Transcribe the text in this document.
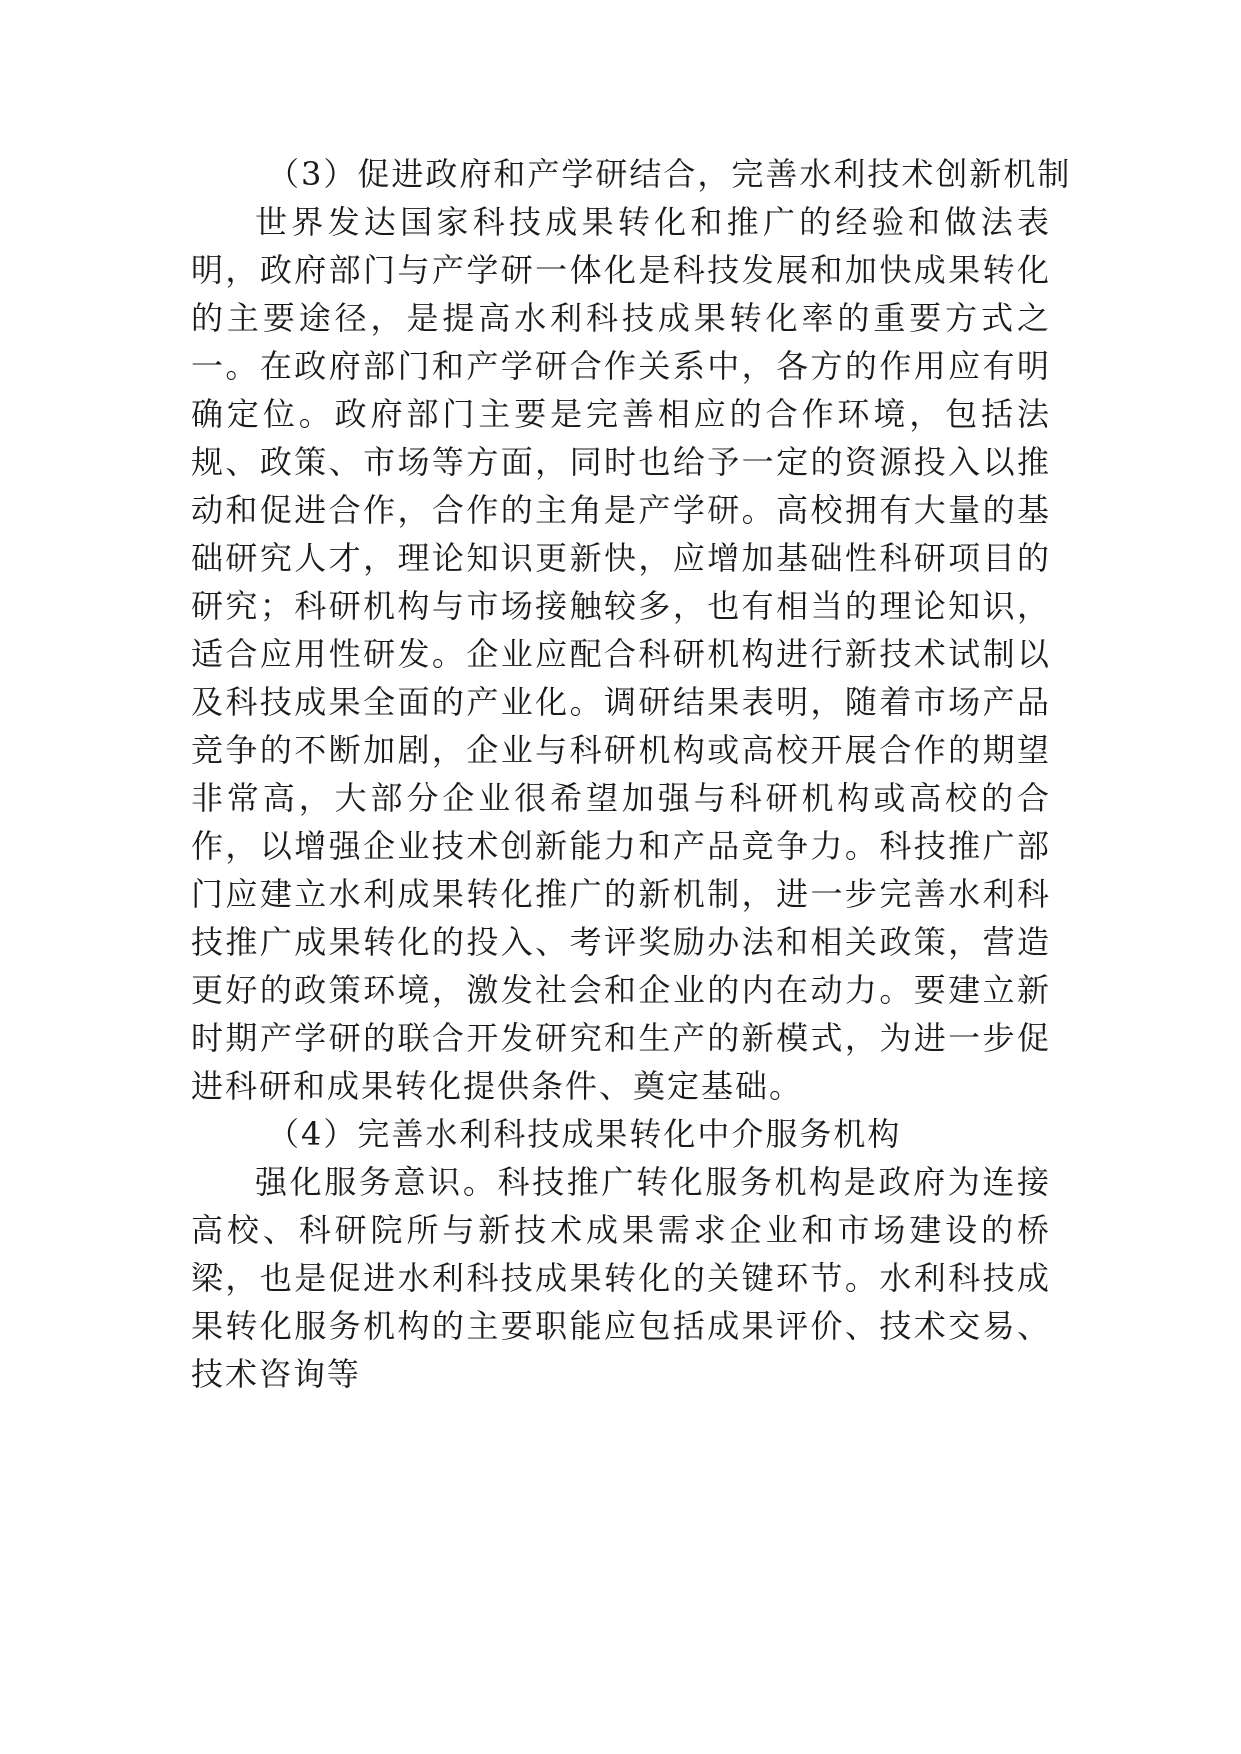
（3）促进政府和产学研结合，完善水利技术创新机制

世界发达国家科技成果转化和推广的经验和做法表明，政府部门与产学研一体化是科技发展和加快成果转化的主要途径，是提高水利科技成果转化率的重要方式之一。在政府部门和产学研合作关系中，各方的作用应有明确定位。政府部门主要是完善相应的合作环境，包括法规、政策、市场等方面，同时也给予一定的资源投入以推动和促进合作，合作的主角是产学研。高校拥有大量的基础研究人才，理论知识更新快，应增加基础性科研项目的研究；科研机构与市场接触较多，也有相当的理论知识，适合应用性研发。企业应配合科研机构进行新技术试制以及科技成果全面的产业化。调研结果表明，随着市场产品竞争的不断加剧，企业与科研机构或高校开展合作的期望非常高，大部分企业很希望加强与科研机构或高校的合作，以增强企业技术创新能力和产品竞争力。科技推广部门应建立水利成果转化推广的新机制，进一步完善水利科技推广成果转化的投入、考评奖励办法和相关政策，营造更好的政策环境，激发社会和企业的内在动力。要建立新时期产学研的联合开发研究和生产的新模式，为进一步促进科研和成果转化提供条件、奠定基础。

（4）完善水利科技成果转化中介服务机构

强化服务意识。科技推广转化服务机构是政府为连接高校、科研院所与新技术成果需求企业和市场建设的桥梁，也是促进水利科技成果转化的关键环节。水利科技成果转化服务机构的主要职能应包括成果评价、技术交易、技术咨询等
